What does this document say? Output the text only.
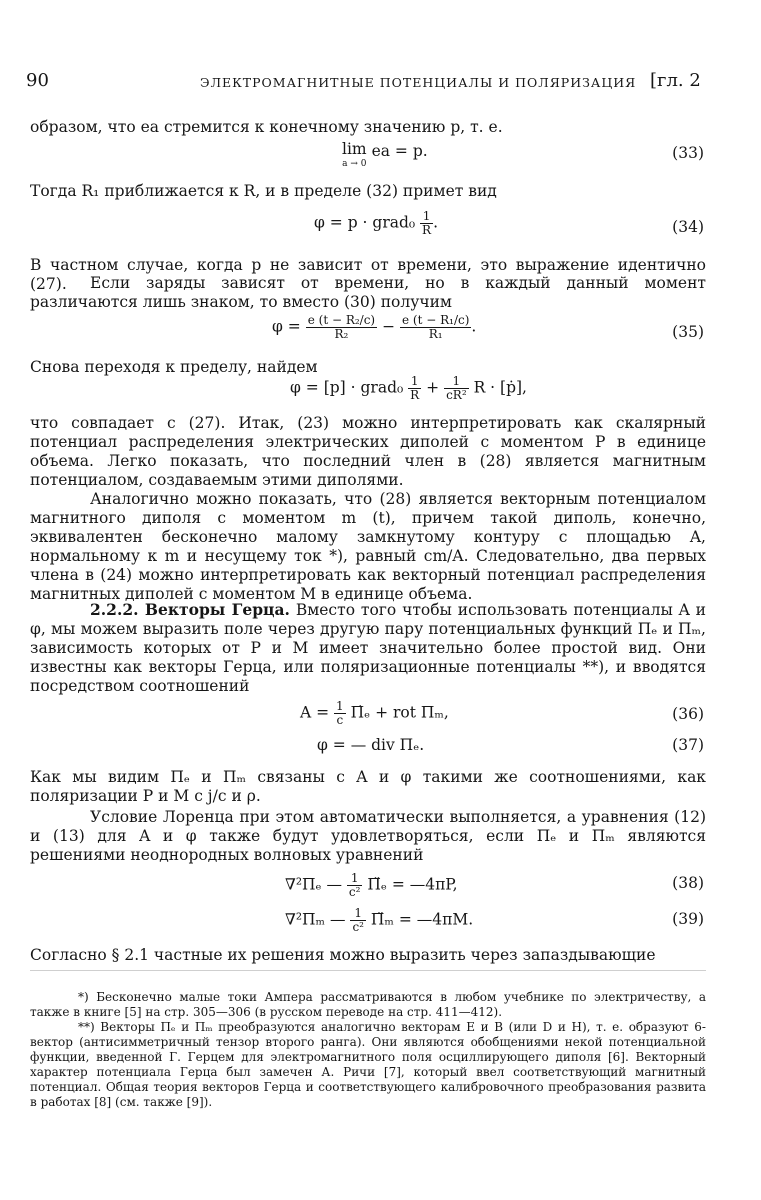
90	ЭЛЕКТРОМАГНИТНЫЕ ПОТЕНЦИАЛЫ И ПОЛЯРИЗАЦИЯ [гл. 2

образом, что ea стремится к конечному значению p, т. е.

lim
a → 0
ea = p.	(33)

Тогда R₁ приближается к R, и в пределе (32) примет вид

φ = p · grad₀ $\frac{1}{R}$ .	(34)

В частном случае, когда p не зависит от времени, это выражение идентично (27).	Если заряды зависят от времени, но в каждый данный момент различаются лишь знаком, то вместо (30) получим

$\varphi = \frac{\text{e (t − R₂/c)}}{\text{R₂}} - \frac{\text{e (t − R₁/c)}}{\text{R₁}}$ .	(35)

Снова переходя к пределу, найдем

φ = [p] · grad₀ $\frac{1}{R} + \frac{1}{\text{cR²}}$ R · [ṗ],

что совпадает с (27). Итак, (23) можно интерпретировать как скалярный потенциал распределения электрических диполей с моментом P в единице объема. Легко показать, что последний член в (28) является магнитным потенциалом, создаваемым этими диполями.

Аналогично можно показать, что (28) является векторным потенциалом магнитного диполя с моментом m (t), причем такой диполь, конечно, эквивалентен бесконечно малому замкнутому контуру с площадью A, нормальному к m и несущему ток *), равный cm/A. Следовательно, два первых члена в (24) можно интерпретировать как векторный потенциал распределения магнитных диполей с моментом M в единице объема.

2.2.2. Векторы Герца. Вместо того чтобы использовать потенциалы A и φ, мы можем выразить поле через другую пару потенциальных функций Πₑ и Πₘ, зависимость которых от P и M имеет значительно более простой вид. Они известны как векторы Герца, или поляризационные потенциалы **), и вводятся посредством соотношений

$A = \frac{1}{c}$ Π̇ₑ + rot Πₘ,	(36)
φ = — div Πₑ.	(37)

Как мы видим Πₑ и Πₘ связаны с A и φ такими же соотношениями, как поляризации P и M с j/c и ρ.

Условие Лоренца при этом автоматически выполняется, а уравнения (12) и (13) для A и φ также будут удовлетворяться, если Πₑ и Πₘ являются решениями неоднородных волновых уравнений

∇²Πₑ — $\frac{1}{\text{c²}}$ Π̈ₑ = —4πP,	(38)
∇²Πₘ — $\frac{1}{\text{c²}}$ Π̈ₘ = —4πM.	(39)

Согласно § 2.1 частные их решения можно выразить через запаздывающие

*) Бесконечно малые токи Ампера рассматриваются в любом учебнике по электричеству, а также в книге [5] на стр. 305—306 (в русском переводе на стр. 411—412).

**) Векторы Πₑ и Πₘ преобразуются аналогично векторам E и B (или D и H), т. е. образуют 6-вектор (антисимметричный тензор второго ранга). Они являются обобщениями некой потенциальной функции, введенной Г. Герцем для электромагнитного поля осциллирующего диполя [6]. Векторный характер потенциала Герца был замечен А. Ричи [7], который ввел соответствующий магнитный потенциал. Общая теория векторов Герца и соответствующего калибровочного преобразования развита в работах [8] (см. также [9]).
